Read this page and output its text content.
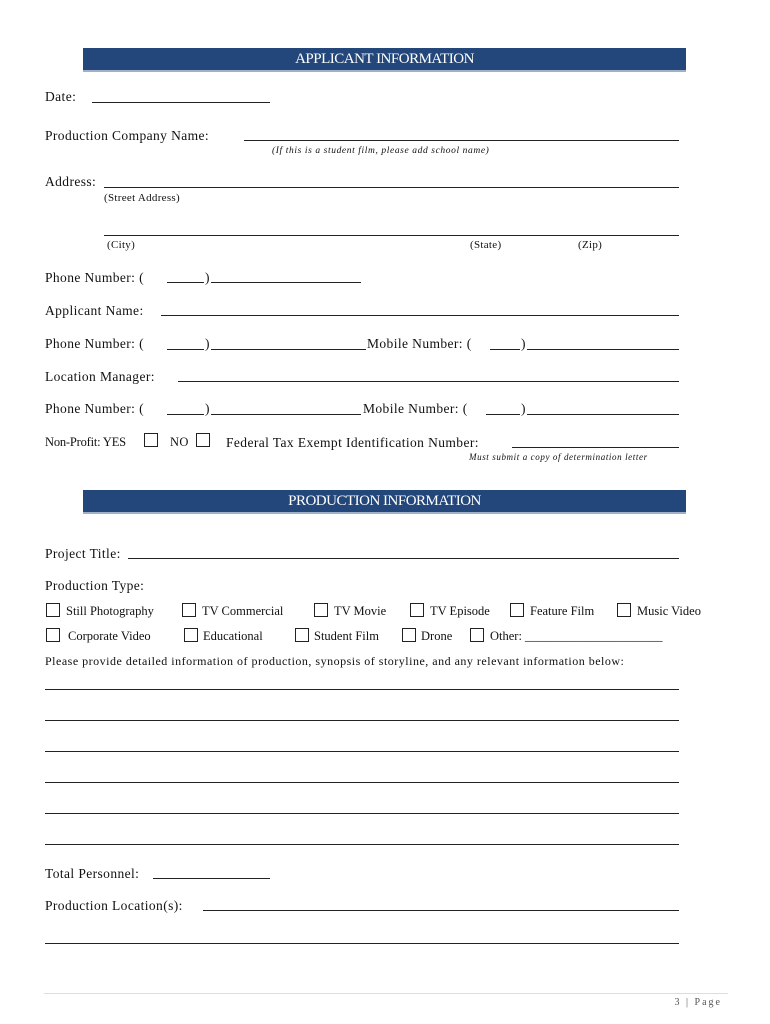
APPLICANT INFORMATION
Date:
Production Company Name:
(If this is a student film, please add school name)
Address:
(Street Address)
(City)	(State)	(Zip)
Phone Number: (	)
Applicant Name:
Phone Number: (	)	Mobile Number: (	)
Location Manager:
Phone Number: (	)	Mobile Number: (	)
Non-Profit: YES	NO	Federal Tax Exempt Identification Number:
Must submit a copy of determination letter
PRODUCTION INFORMATION
Project Title:
Production Type:
Still Photography	TV Commercial	TV Movie	TV Episode	Feature Film	Music Video
Corporate Video	Educational	Student Film	Drone	Other: ______________________
Please provide detailed information of production, synopsis of storyline, and any relevant information below:
Total Personnel:
Production Location(s):
3 | Page
